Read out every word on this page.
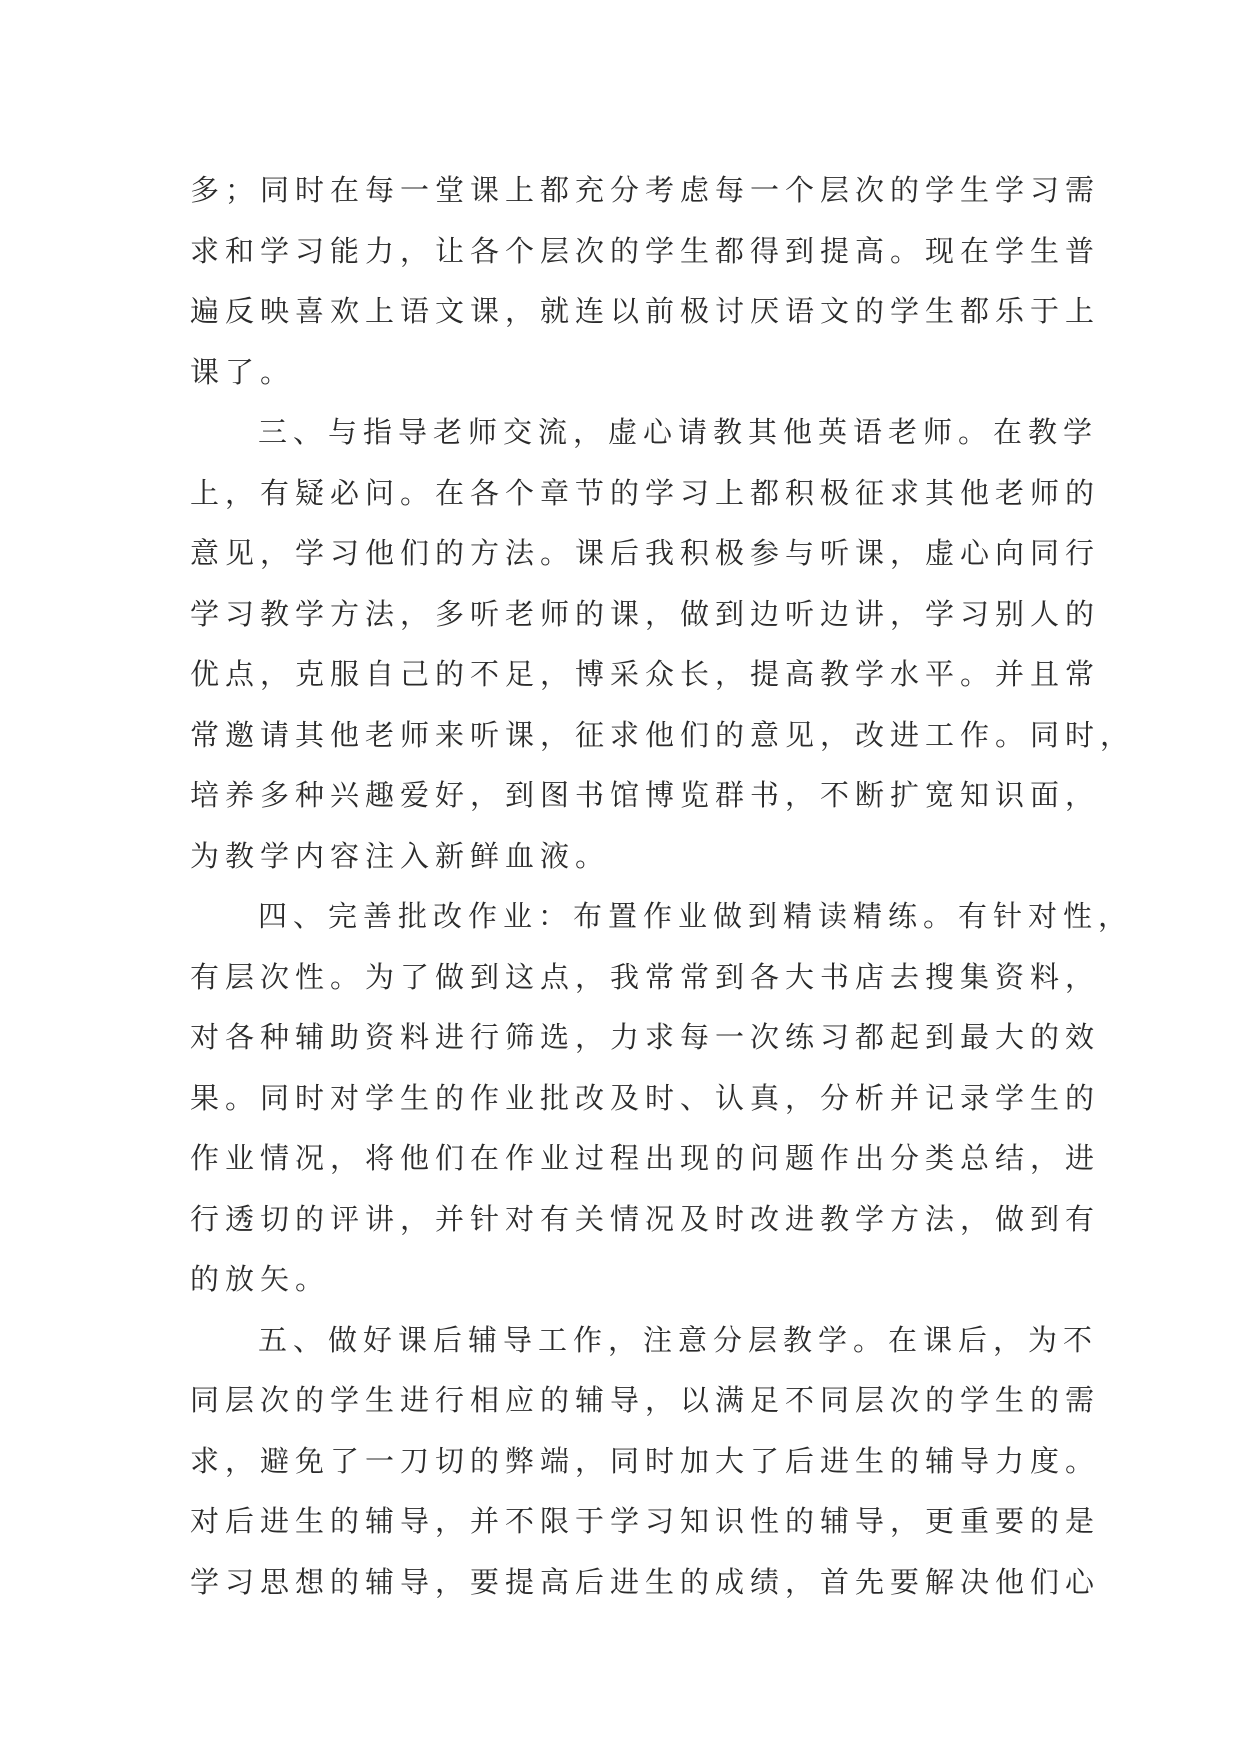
多；同时在每一堂课上都充分考虑每一个层次的学生学习需
求和学习能力，让各个层次的学生都得到提高。现在学生普
遍反映喜欢上语文课，就连以前极讨厌语文的学生都乐于上
课了。
三、与指导老师交流，虚心请教其他英语老师。在教学
上，有疑必问。在各个章节的学习上都积极征求其他老师的
意见，学习他们的方法。课后我积极参与听课，虚心向同行
学习教学方法，多听老师的课，做到边听边讲，学习别人的
优点，克服自己的不足，博采众长，提高教学水平。并且常
常邀请其他老师来听课，征求他们的意见，改进工作。同时，
培养多种兴趣爱好，到图书馆博览群书，不断扩宽知识面，
为教学内容注入新鲜血液。
四、完善批改作业：布置作业做到精读精练。有针对性，
有层次性。为了做到这点，我常常到各大书店去搜集资料，
对各种辅助资料进行筛选，力求每一次练习都起到最大的效
果。同时对学生的作业批改及时、认真，分析并记录学生的
作业情况，将他们在作业过程出现的问题作出分类总结，进
行透切的评讲，并针对有关情况及时改进教学方法，做到有
的放矢。
五、做好课后辅导工作，注意分层教学。在课后，为不
同层次的学生进行相应的辅导，以满足不同层次的学生的需
求，避免了一刀切的弊端，同时加大了后进生的辅导力度。
对后进生的辅导，并不限于学习知识性的辅导，更重要的是
学习思想的辅导，要提高后进生的成绩，首先要解决他们心
